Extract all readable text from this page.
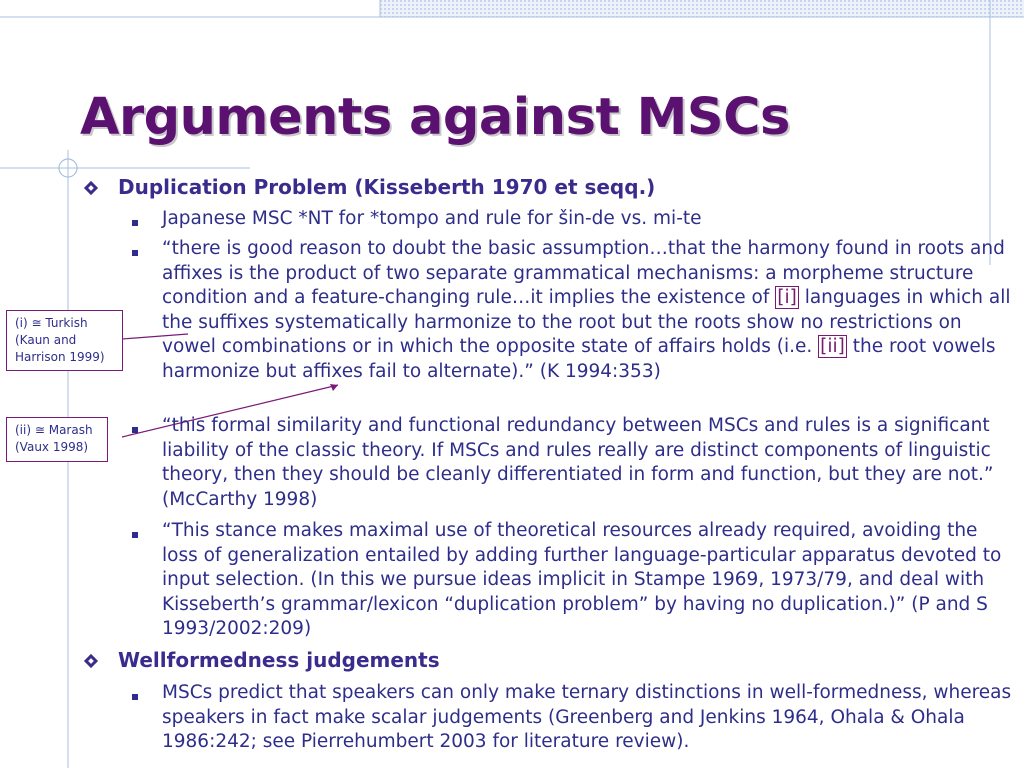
Arguments against MSCs
Duplication Problem (Kisseberth 1970 et seqq.)
Japanese MSC *NT for *tompo and rule for šin-de vs. mi-te
“there is good reason to doubt the basic assumption…that the harmony found in roots and affixes is the product of two separate grammatical mechanisms: a morpheme structure condition and a feature-changing rule…it implies the existence of [i] languages in which all the suffixes systematically harmonize to the root but the roots show no restrictions on vowel combinations or in which the opposite state of affairs holds (i.e. [ii] the root vowels harmonize but affixes fail to alternate).” (K 1994:353)
“this formal similarity and functional redundancy between MSCs and rules is a significant liability of the classic theory. If MSCs and rules really are distinct components of linguistic theory, then they should be cleanly differentiated in form and function, but they are not.” (McCarthy 1998)
“This stance makes maximal use of theoretical resources already required, avoiding the loss of generalization entailed by adding further language-particular apparatus devoted to input selection. (In this we pursue ideas implicit in Stampe 1969, 1973/79, and deal with Kisseberth’s grammar/lexicon “duplication problem” by having no duplication.)” (P and S 1993/2002:209)
Wellformedness judgements
MSCs predict that speakers can only make ternary distinctions in well-formedness, whereas speakers in fact make scalar judgements (Greenberg and Jenkins 1964, Ohala & Ohala 1986:242; see Pierrehumbert 2003 for literature review).
(i) ≅ Turkish
(Kaun and
Harrison 1999)
(ii) ≅ Marash
(Vaux 1998)
